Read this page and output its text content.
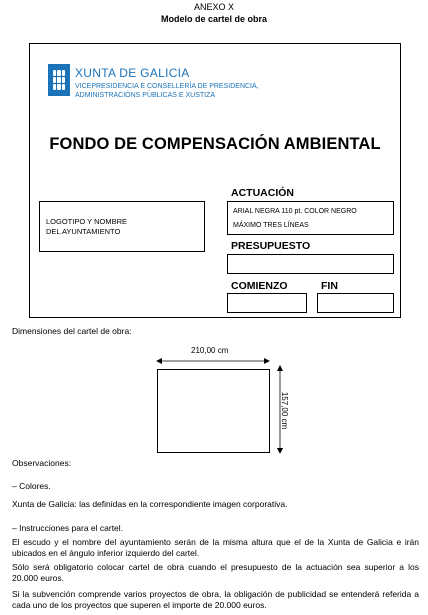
ANEXO X
Modelo de cartel de obra
XUNTA DE GALICIA
VICEPRESIDENCIA E CONSELLERÍA DE PRESIDENCIA,
ADMINISTRACIÓNS PÚBLICAS E XUSTIZA
FONDO DE COMPENSACIÓN AMBIENTAL
LOGOTIPO Y NOMBRE
DEL AYUNTAMIENTO
ACTUACIÓN
ARIAL NEGRA 110 pt. COLOR NEGRO
MÁXIMO TRES LÍNEAS
PRESUPUESTO
COMIENZO	FIN
Dimensiones del cartel de obra:
210,00 cm
157,00 cm
Observaciones:
– Colores.
Xunta de Galicia: las definidas en la correspondiente imagen corporativa.
– Instrucciones para el cartel.
El escudo y el nombre del ayuntamiento serán de la misma altura que el de la Xunta de Galicia e irán ubicados en el ángulo inferior izquierdo del cartel.
Sólo será obligatorio colocar cartel de obra cuando el presupuesto de la actuación sea superior a los 20.000 euros.
Si la subvención comprende varios proyectos de obra, la obligación de publicidad se entenderá referida a cada uno de los proyectos que superen el importe de 20.000 euros.
